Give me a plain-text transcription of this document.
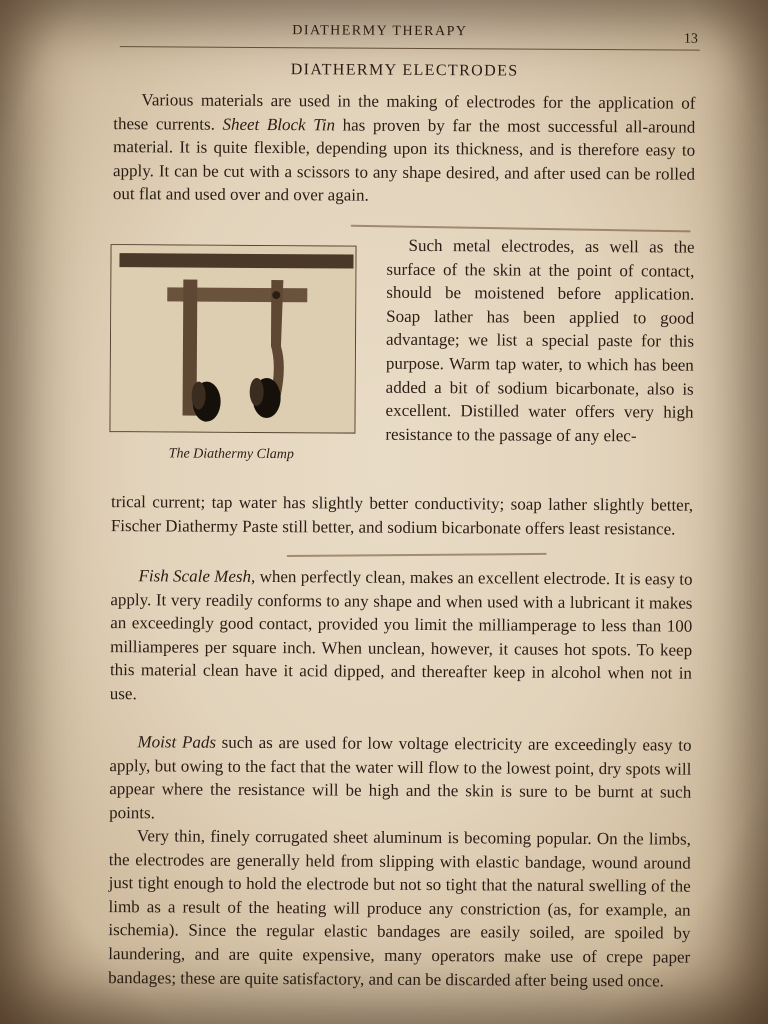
DIATHERMY THERAPY	13
DIATHERMY ELECTRODES

Various materials are used in the making of electrodes for the application of these currents. Sheet Block Tin has proven by far the most successful all-around material. It is quite flexible, depending upon its thickness, and is therefore easy to apply. It can be cut with a scissors to any shape desired, and after used can be rolled out flat and used over and over again.

The Diathermy Clamp

Such metal electrodes, as well as the surface of the skin at the point of contact, should be moistened before application. Soap lather has been applied to good advantage; we list a special paste for this purpose. Warm tap water, to which has been added a bit of sodium bicarbonate, also is excellent. Distilled water offers very high resistance to the passage of any elec-

trical current; tap water has slightly better conductivity; soap lather slightly better, Fischer Diathermy Paste still better, and sodium bicarbonate offers least resistance.

Fish Scale Mesh, when perfectly clean, makes an excellent electrode. It is easy to apply. It very readily conforms to any shape and when used with a lubricant it makes an exceedingly good contact, provided you limit the milliamperage to less than 100 milliamperes per square inch. When unclean, however, it causes hot spots. To keep this material clean have it acid dipped, and thereafter keep in alcohol when not in use.

Moist Pads such as are used for low voltage electricity are exceedingly easy to apply, but owing to the fact that the water will flow to the lowest point, dry spots will appear where the resistance will be high and the skin is sure to be burnt at such points.

Very thin, finely corrugated sheet aluminum is becoming popular. On the limbs, the electrodes are generally held from slipping with elastic bandage, wound around just tight enough to hold the electrode but not so tight that the natural swelling of the limb as a result of the heating will produce any constriction (as, for example, an ischemia). Since the regular elastic bandages are easily soiled, are spoiled by laundering, and are quite expensive, many operators make use of crepe paper bandages; these are quite satisfactory, and can be discarded after being used once.
